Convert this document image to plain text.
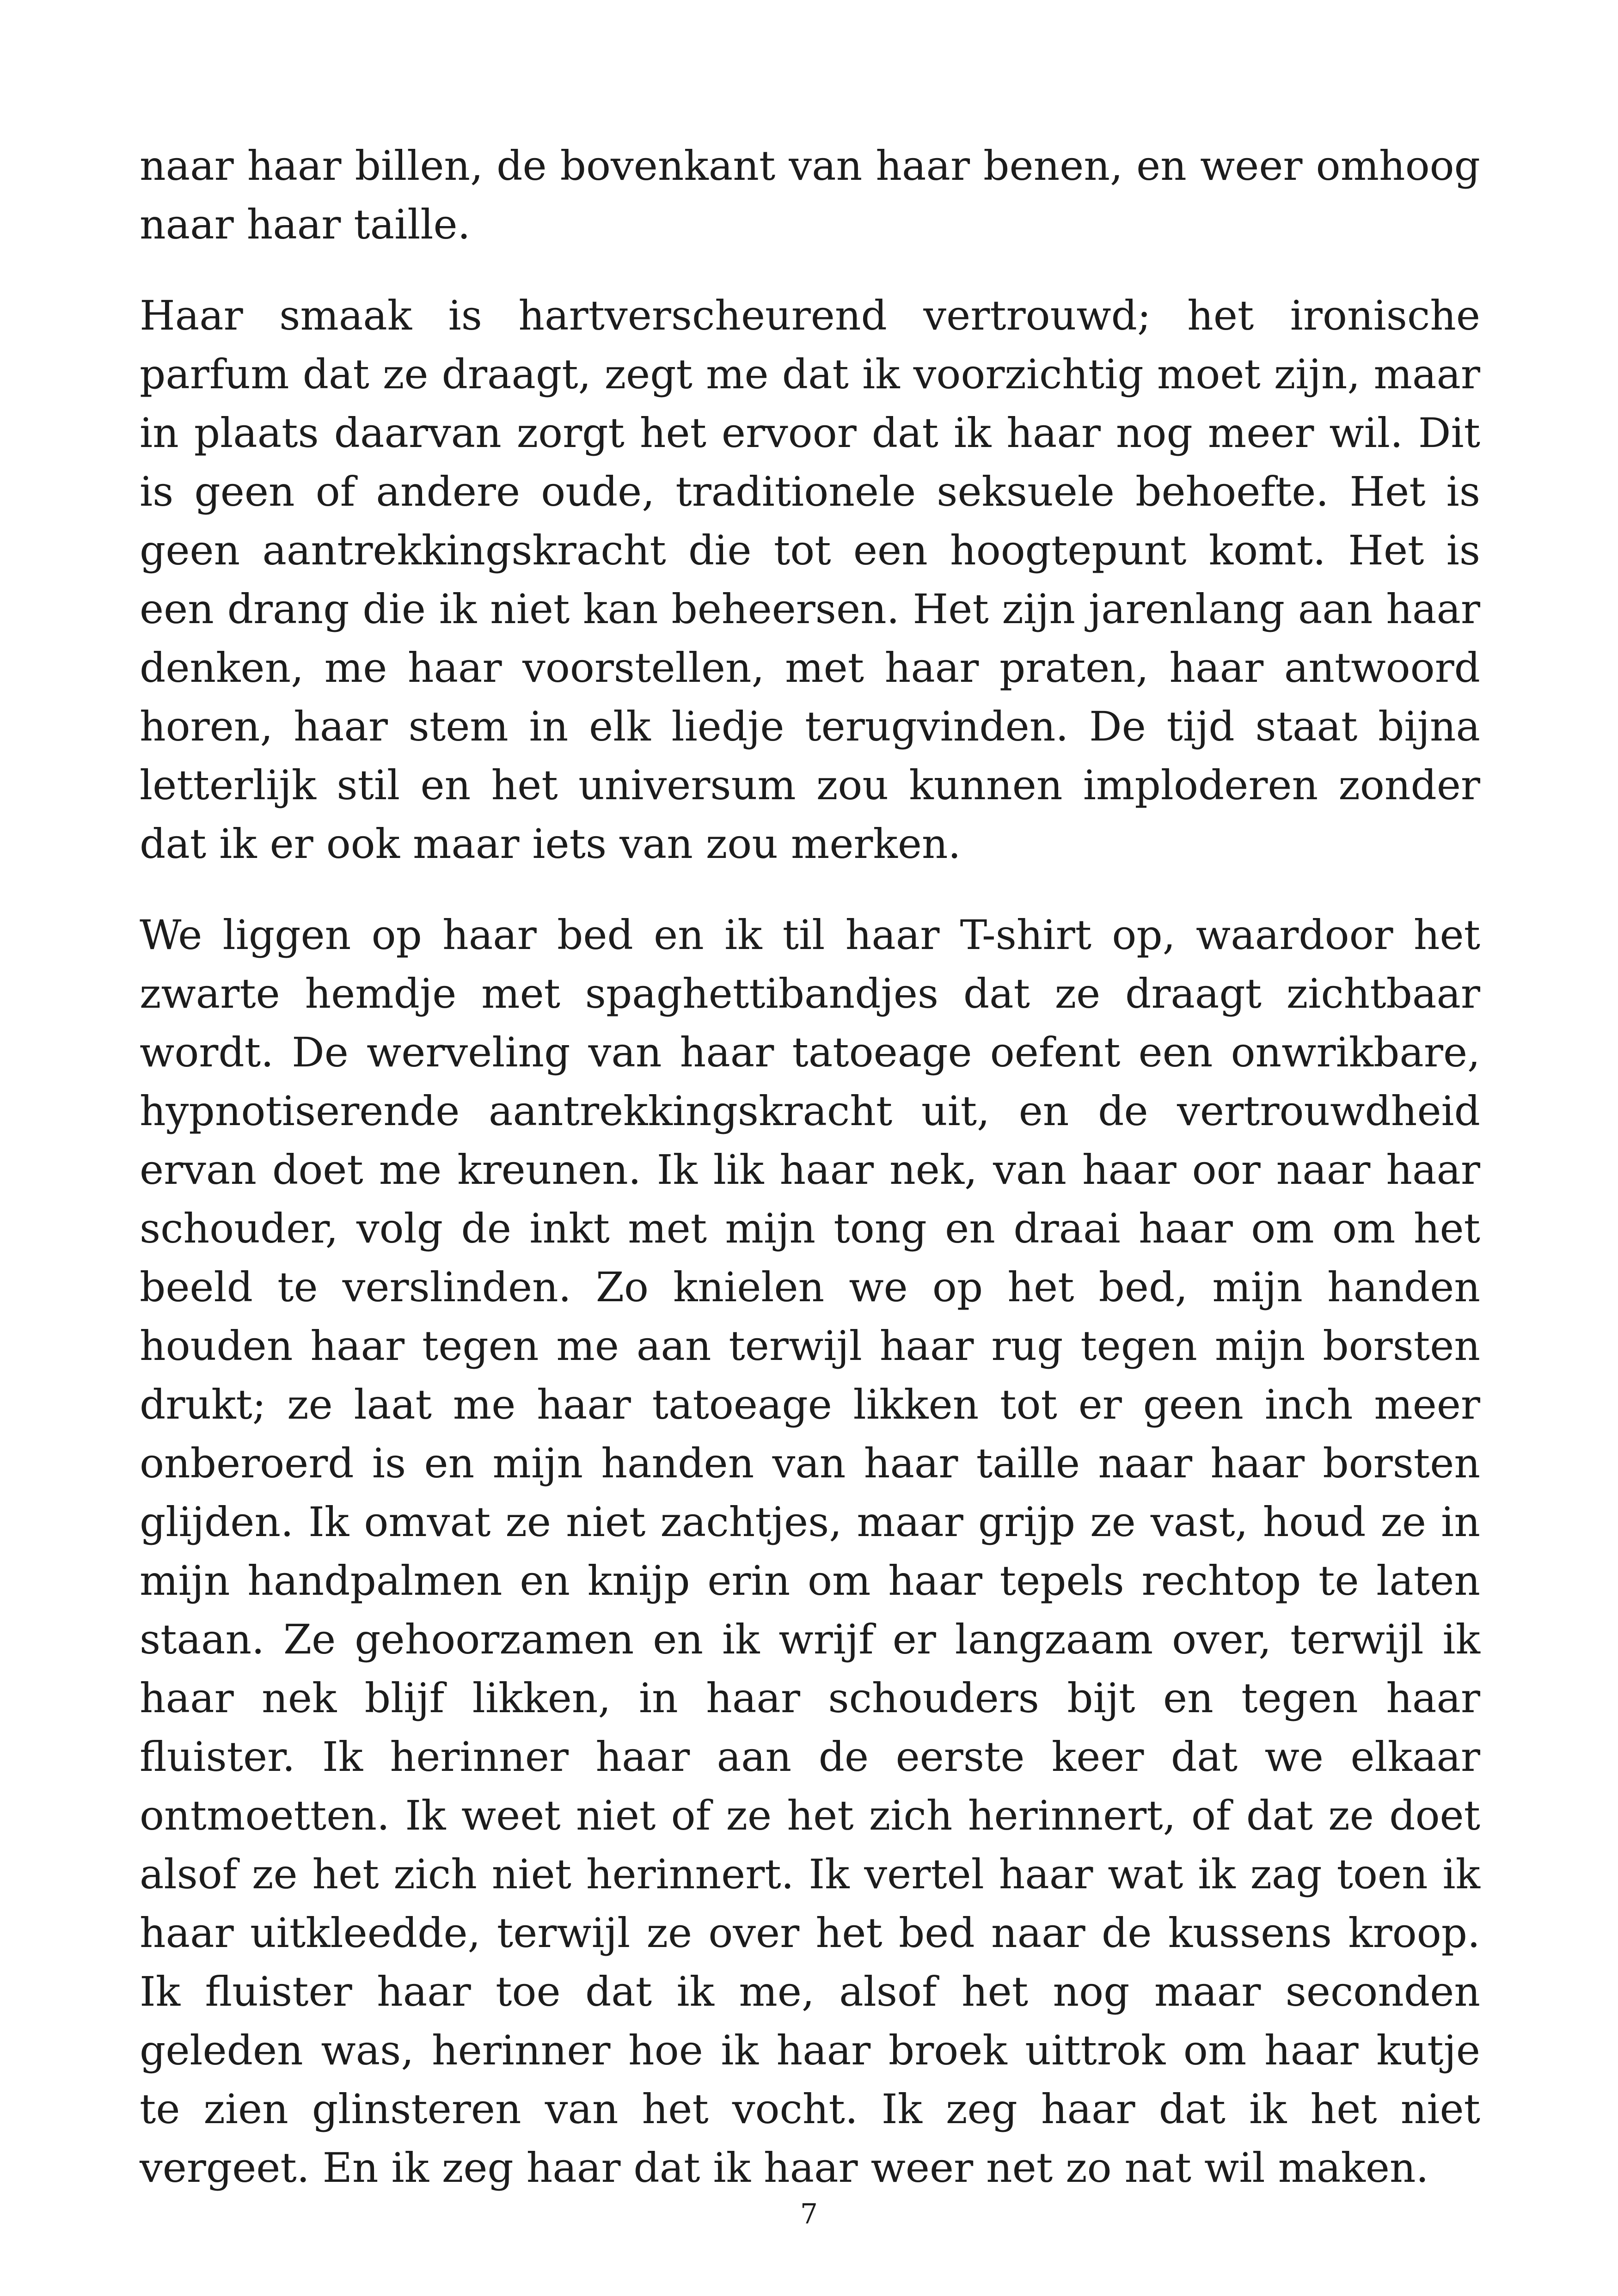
naar haar billen, de bovenkant van haar benen, en weer omhoog naar haar taille.

Haar smaak is hartverscheurend vertrouwd; het ironische parfum dat ze draagt, zegt me dat ik voorzichtig moet zijn, maar in plaats daarvan zorgt het ervoor dat ik haar nog meer wil. Dit is geen of andere oude, traditionele seksuele behoefte. Het is geen aantrekkingskracht die tot een hoogtepunt komt. Het is een drang die ik niet kan beheersen. Het zijn jarenlang aan haar denken, me haar voorstellen, met haar praten, haar antwoord horen, haar stem in elk liedje terugvinden. De tijd staat bijna letterlijk stil en het universum zou kunnen imploderen zonder dat ik er ook maar iets van zou merken.

We liggen op haar bed en ik til haar T-shirt op, waardoor het zwarte hemdje met spaghettibandjes dat ze draagt zichtbaar wordt. De werveling van haar tatoeage oefent een onwrikbare, hypnotiserende aantrekkingskracht uit, en de vertrouwdheid ervan doet me kreunen. Ik lik haar nek, van haar oor naar haar schouder, volg de inkt met mijn tong en draai haar om om het beeld te verslinden. Zo knielen we op het bed, mijn handen houden haar tegen me aan terwijl haar rug tegen mijn borsten drukt; ze laat me haar tatoeage likken tot er geen inch meer onberoerd is en mijn handen van haar taille naar haar borsten glijden. Ik omvat ze niet zachtjes, maar grijp ze vast, houd ze in mijn handpalmen en knijp erin om haar tepels rechtop te laten staan. Ze gehoorzamen en ik wrijf er langzaam over, terwijl ik haar nek blijf likken, in haar schouders bijt en tegen haar fluister. Ik herinner haar aan de eerste keer dat we elkaar ontmoetten. Ik weet niet of ze het zich herinnert, of dat ze doet alsof ze het zich niet herinnert. Ik vertel haar wat ik zag toen ik haar uitkleedde, terwijl ze over het bed naar de kussens kroop. Ik fluister haar toe dat ik me, alsof het nog maar seconden geleden was, herinner hoe ik haar broek uittrok om haar kutje te zien glinsteren van het vocht. Ik zeg haar dat ik het niet vergeet. En ik zeg haar dat ik haar weer net zo nat wil maken.

7
